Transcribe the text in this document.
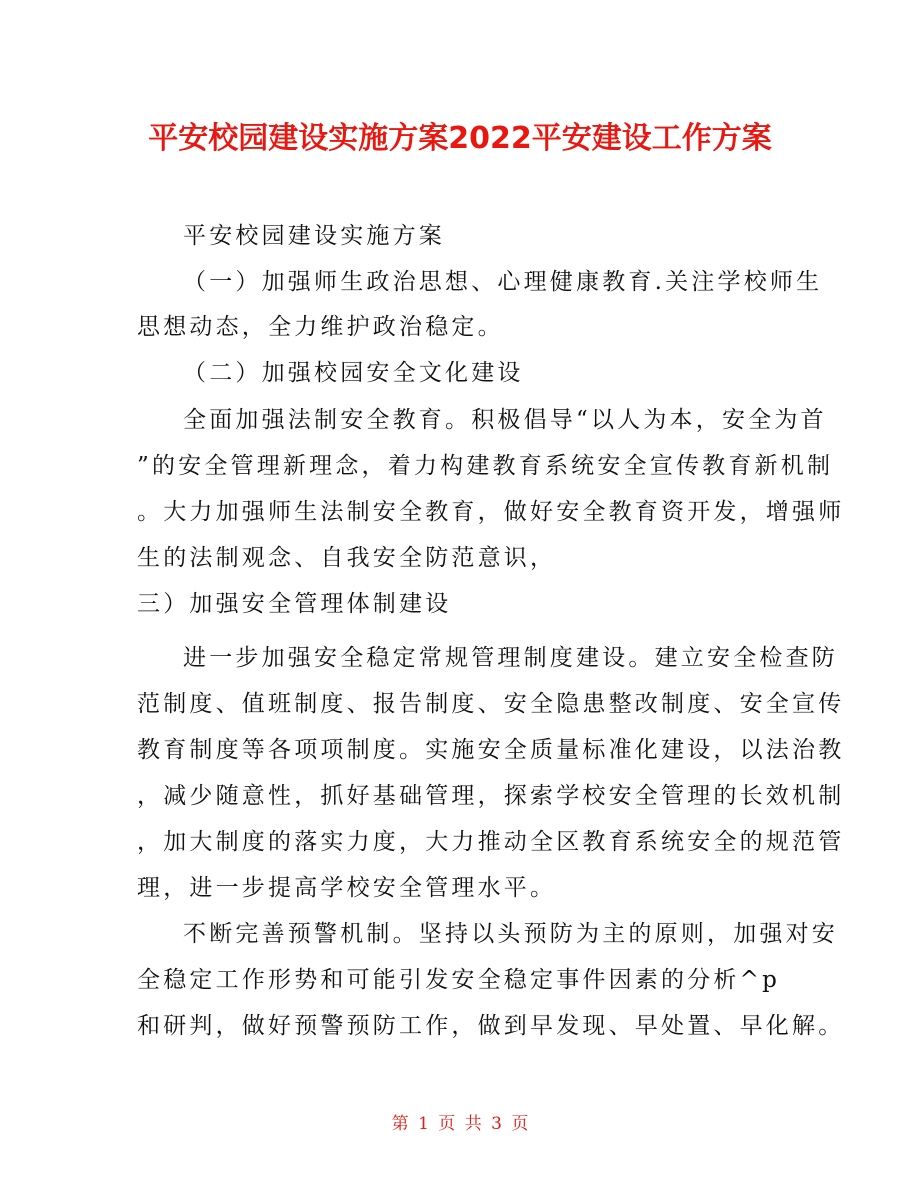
平安校园建设实施方案2022平安建设工作方案
平安校园建设实施方案
（一）加强师生政治思想、心理健康教育.关注学校师生
思想动态，全力维护政治稳定。
（二）加强校园安全文化建设
全面加强法制安全教育。积极倡导“以人为本，安全为首
”的安全管理新理念，着力构建教育系统安全宣传教育新机制
。大力加强师生法制安全教育，做好安全教育资开发，增强师
生的法制观念、自我安全防范意识，
三）加强安全管理体制建设
进一步加强安全稳定常规管理制度建设。建立安全检查防
范制度、值班制度、报告制度、安全隐患整改制度、安全宣传
教育制度等各项项制度。实施安全质量标准化建设，以法治教
，减少随意性，抓好基础管理，探索学校安全管理的长效机制
，加大制度的落实力度，大力推动全区教育系统安全的规范管
理，进一步提高学校安全管理水平。
不断完善预警机制。坚持以头预防为主的原则，加强对安
全稳定工作形势和可能引发安全稳定事件因素的分析^p
和研判，做好预警预防工作，做到早发现、早处置、早化解。
第 1 页 共 3 页
